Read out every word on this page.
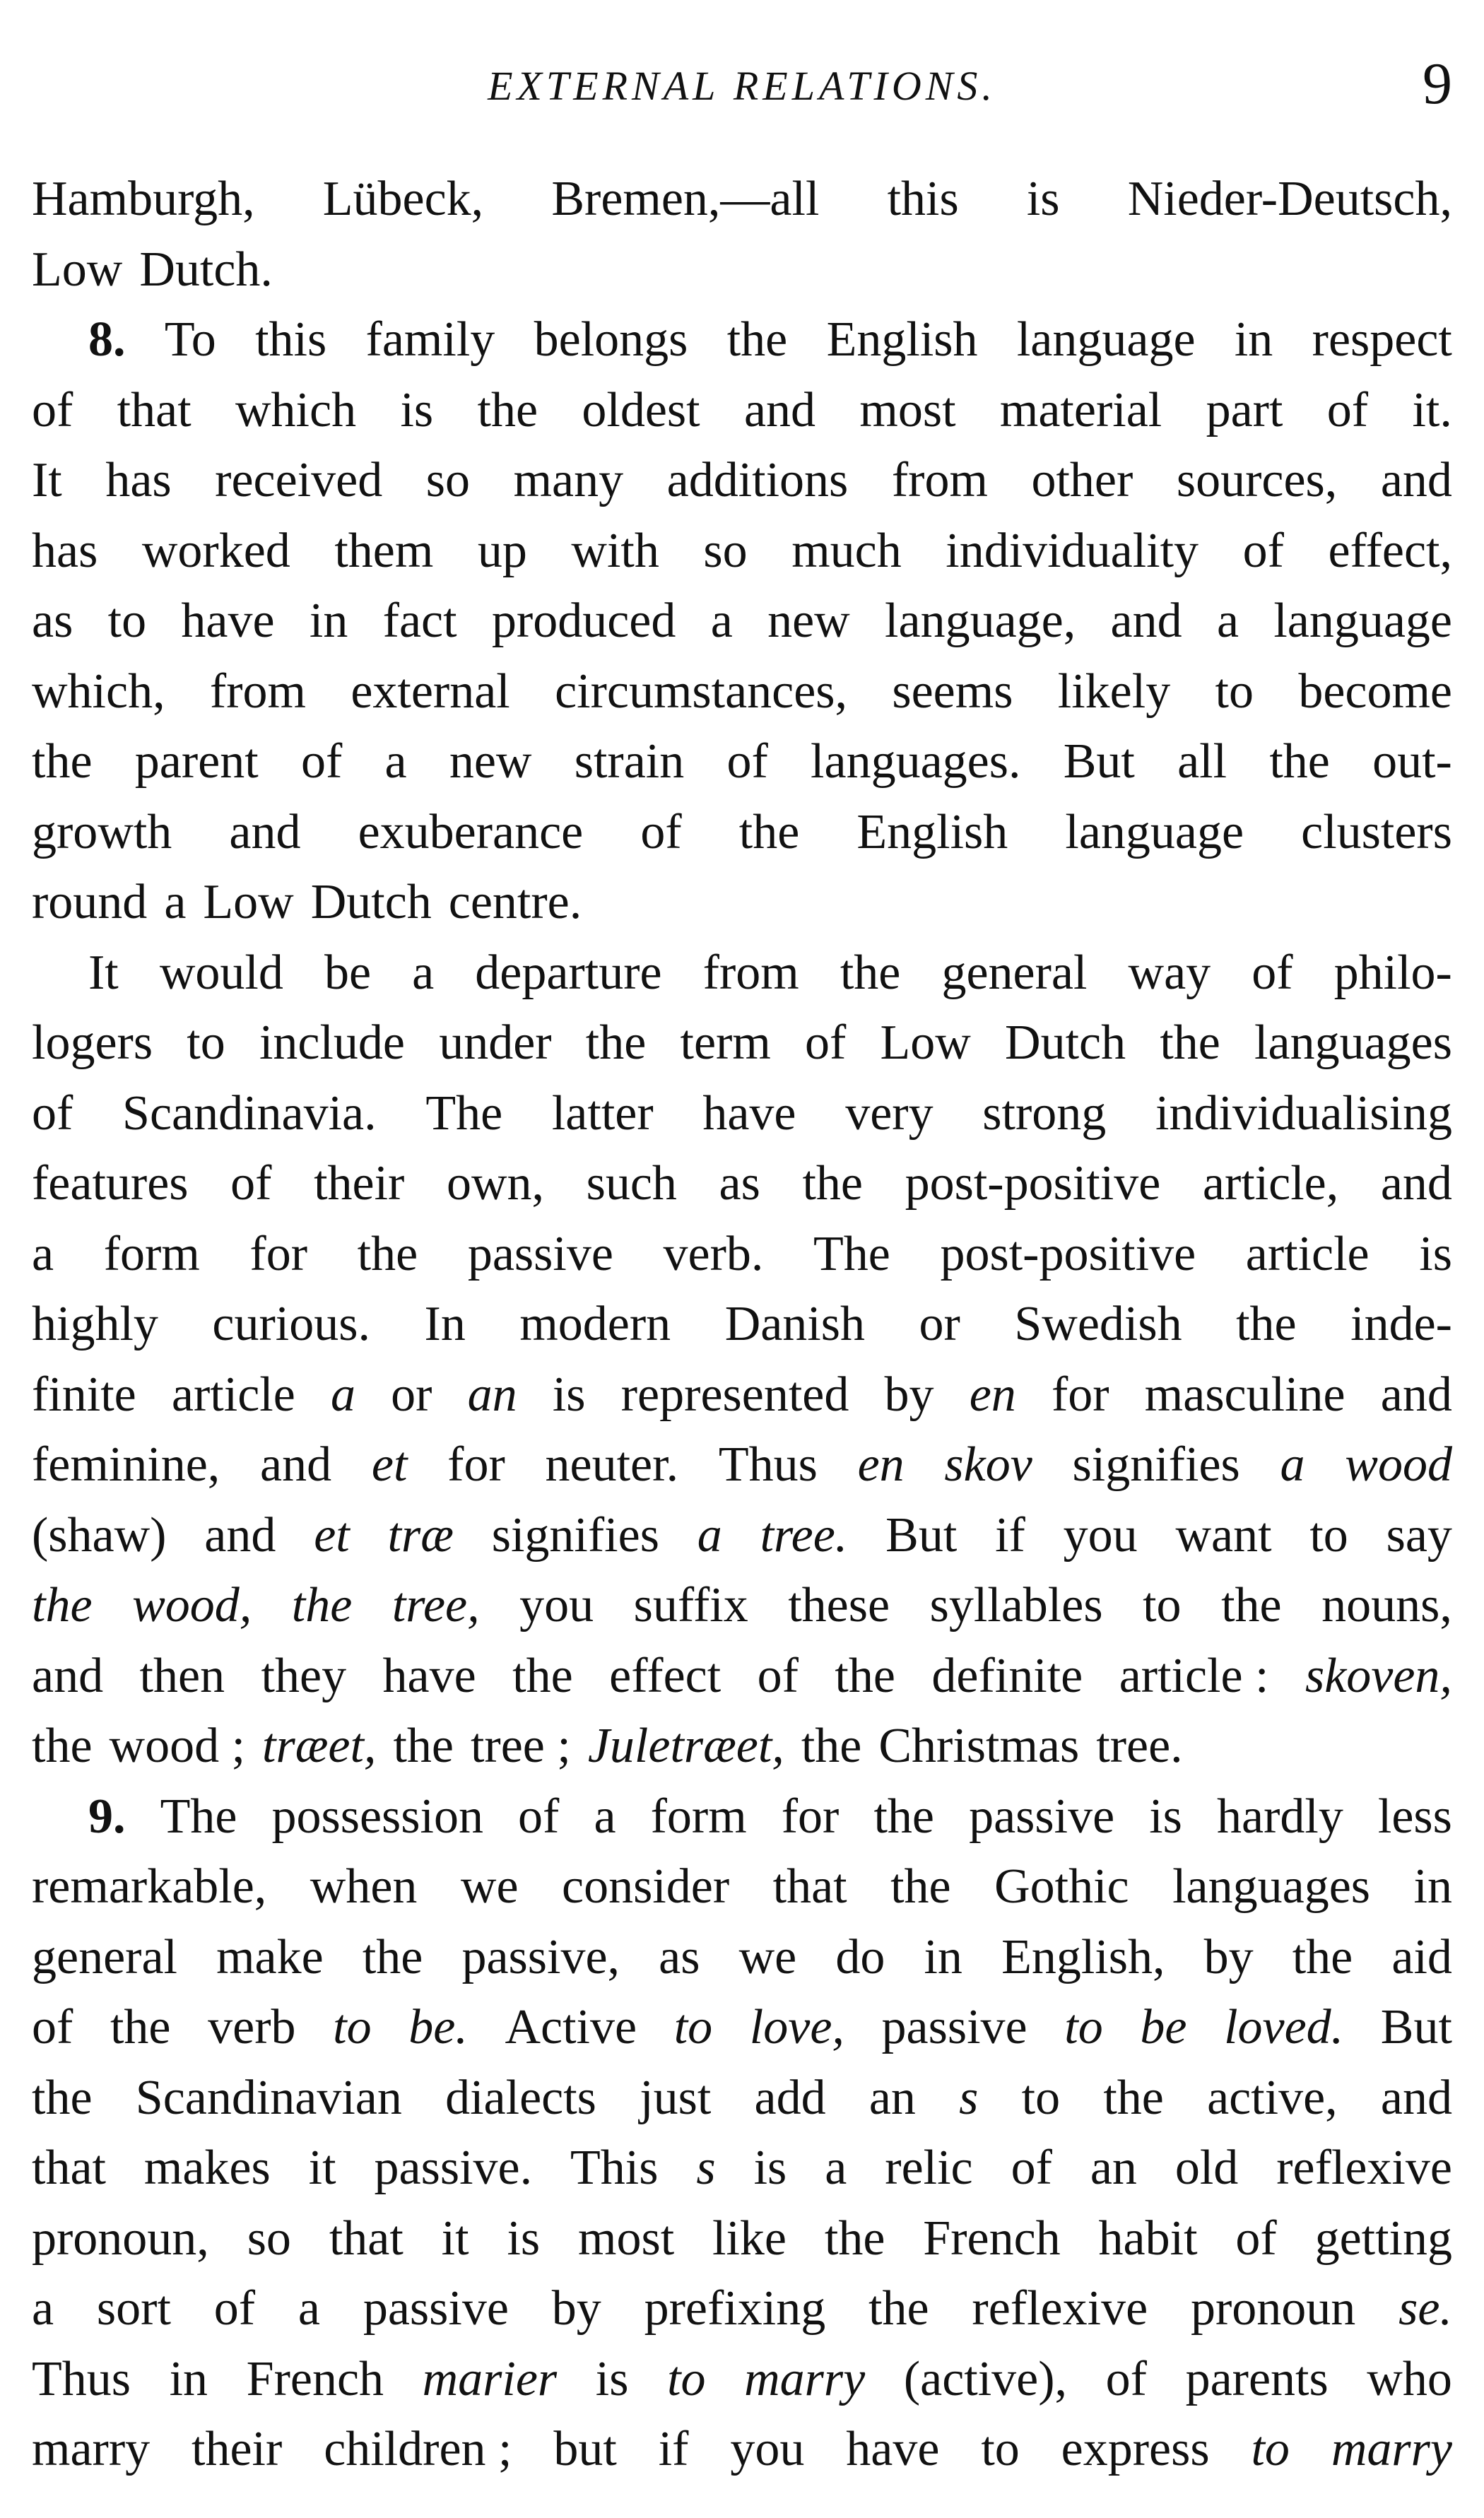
EXTERNAL RELATIONS.	9
Hamburgh, Lübeck, Bremen,—all this is Nieder-Deutsch,
Low Dutch.
8. To this family belongs the English language in respect
of that which is the oldest and most material part of it.
It has received so many additions from other sources, and
has worked them up with so much individuality of effect,
as to have in fact produced a new language, and a language
which, from external circumstances, seems likely to become
the parent of a new strain of languages. But all the out-
growth and exuberance of the English language clusters
round a Low Dutch centre.
It would be a departure from the general way of philo-
logers to include under the term of Low Dutch the languages
of Scandinavia. The latter have very strong individualising
features of their own, such as the post-positive article, and
a form for the passive verb. The post-positive article is
highly curious. In modern Danish or Swedish the inde-
finite article a or an is represented by en for masculine and
feminine, and et for neuter. Thus en skov signifies a wood
(shaw) and et træ signifies a tree. But if you want to say
the wood, the tree, you suffix these syllables to the nouns,
and then they have the effect of the definite article : skoven,
the wood ; træet, the tree ; Juletræet, the Christmas tree.
9. The possession of a form for the passive is hardly less
remarkable, when we consider that the Gothic languages in
general make the passive, as we do in English, by the aid
of the verb to be. Active to love, passive to be loved. But
the Scandinavian dialects just add an s to the active, and
that makes it passive. This s is a relic of an old reflexive
pronoun, so that it is most like the French habit of getting
a sort of a passive by prefixing the reflexive pronoun se.
Thus in French marier is to marry (active), of parents who
marry their children ; but if you have to express to marry
